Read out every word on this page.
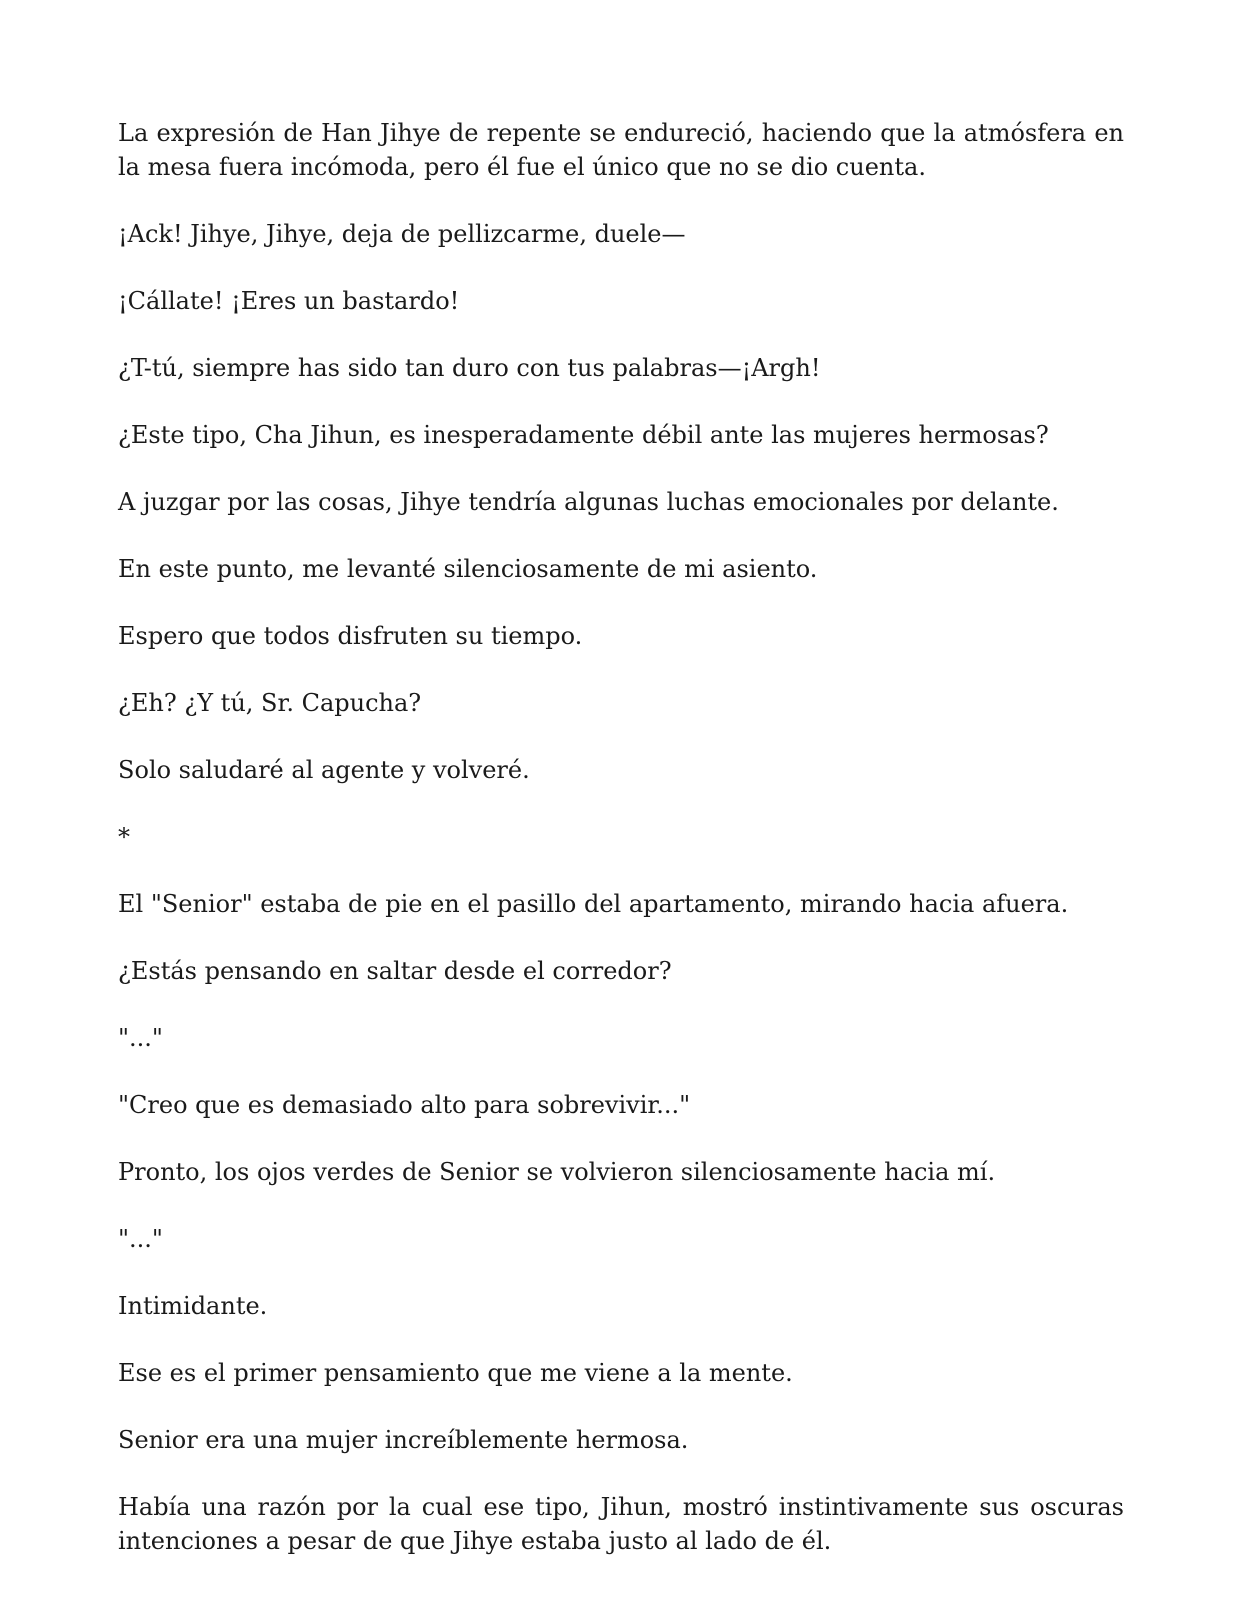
La expresión de Han Jihye de repente se endureció, haciendo que la atmósfera en la mesa fuera incómoda, pero él fue el único que no se dio cuenta.

¡Ack! Jihye, Jihye, deja de pellizcarme, duele—

¡Cállate! ¡Eres un bastardo!

¿T-tú, siempre has sido tan duro con tus palabras—¡Argh!

¿Este tipo, Cha Jihun, es inesperadamente débil ante las mujeres hermosas?

A juzgar por las cosas, Jihye tendría algunas luchas emocionales por delante.

En este punto, me levanté silenciosamente de mi asiento.

Espero que todos disfruten su tiempo.

¿Eh? ¿Y tú, Sr. Capucha?

Solo saludaré al agente y volveré.

*

El "Senior" estaba de pie en el pasillo del apartamento, mirando hacia afuera.

¿Estás pensando en saltar desde el corredor?

"..."

"Creo que es demasiado alto para sobrevivir..."

Pronto, los ojos verdes de Senior se volvieron silenciosamente hacia mí.

"..."

Intimidante.

Ese es el primer pensamiento que me viene a la mente.

Senior era una mujer increíblemente hermosa.

Había una razón por la cual ese tipo, Jihun, mostró instintivamente sus oscuras intenciones a pesar de que Jihye estaba justo al lado de él.
